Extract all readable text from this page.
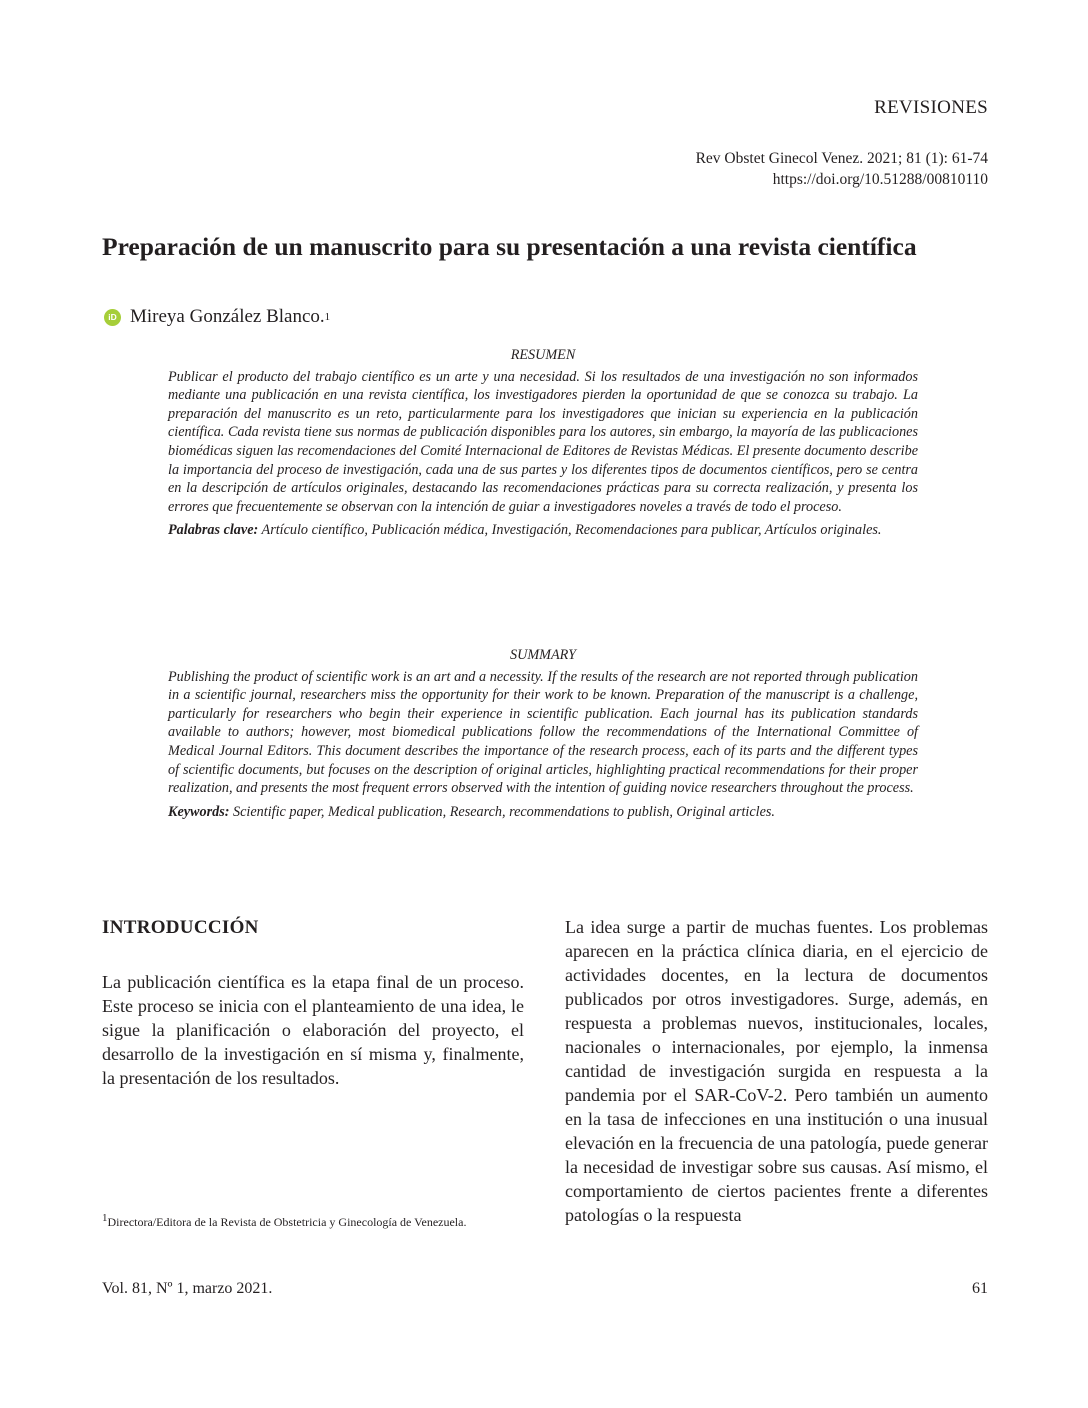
REVISIONES
Rev Obstet Ginecol Venez. 2021; 81 (1): 61-74
https://doi.org/10.51288/00810110
Preparación de un manuscrito para su presentación a una revista científica
iD Mireya González Blanco. 1
RESUMEN
Publicar el producto del trabajo científico es un arte y una necesidad. Si los resultados de una investigación no son informados mediante una publicación en una revista científica, los investigadores pierden la oportunidad de que se conozca su trabajo. La preparación del manuscrito es un reto, particularmente para los investigadores que inician su experiencia en la publicación científica. Cada revista tiene sus normas de publicación disponibles para los autores, sin embargo, la mayoría de las publicaciones biomédicas siguen las recomendaciones del Comité Internacional de Editores de Revistas Médicas. El presente documento describe la importancia del proceso de investigación, cada una de sus partes y los diferentes tipos de documentos científicos, pero se centra en la descripción de artículos originales, destacando las recomendaciones prácticas para su correcta realización, y presenta los errores que frecuentemente se observan con la intención de guiar a investigadores noveles a través de todo el proceso.
Palabras clave: Artículo científico, Publicación médica, Investigación, Recomendaciones para publicar, Artículos originales.
SUMMARY
Publishing the product of scientific work is an art and a necessity. If the results of the research are not reported through publication in a scientific journal, researchers miss the opportunity for their work to be known. Preparation of the manuscript is a challenge, particularly for researchers who begin their experience in scientific publication. Each journal has its publication standards available to authors; however, most biomedical publications follow the recommendations of the International Committee of Medical Journal Editors. This document describes the importance of the research process, each of its parts and the different types of scientific documents, but focuses on the description of original articles, highlighting practical recommendations for their proper realization, and presents the most frequent errors observed with the intention of guiding novice researchers throughout the process.
Keywords: Scientific paper, Medical publication, Research, recommendations to publish, Original articles.
INTRODUCCIÓN
La publicación científica es la etapa final de un proceso. Este proceso se inicia con el planteamiento de una idea, le sigue la planificación o elaboración del proyecto, el desarrollo de la investigación en sí misma y, finalmente, la presentación de los resultados.
La idea surge a partir de muchas fuentes. Los problemas aparecen en la práctica clínica diaria, en el ejercicio de actividades docentes, en la lectura de documentos publicados por otros investigadores. Surge, además, en respuesta a problemas nuevos, institucionales, locales, nacionales o internacionales, por ejemplo, la inmensa cantidad de investigación surgida en respuesta a la pandemia por el SAR-CoV-2. Pero también un aumento en la tasa de infecciones en una institución o una inusual elevación en la frecuencia de una patología, puede generar la necesidad de investigar sobre sus causas. Así mismo, el comportamiento de ciertos pacientes frente a diferentes patologías o la respuesta
$^1$Directora/Editora de la Revista de Obstetricia y Ginecología de Venezuela.
Vol. 81, Nº 1, marzo 2021.	61
